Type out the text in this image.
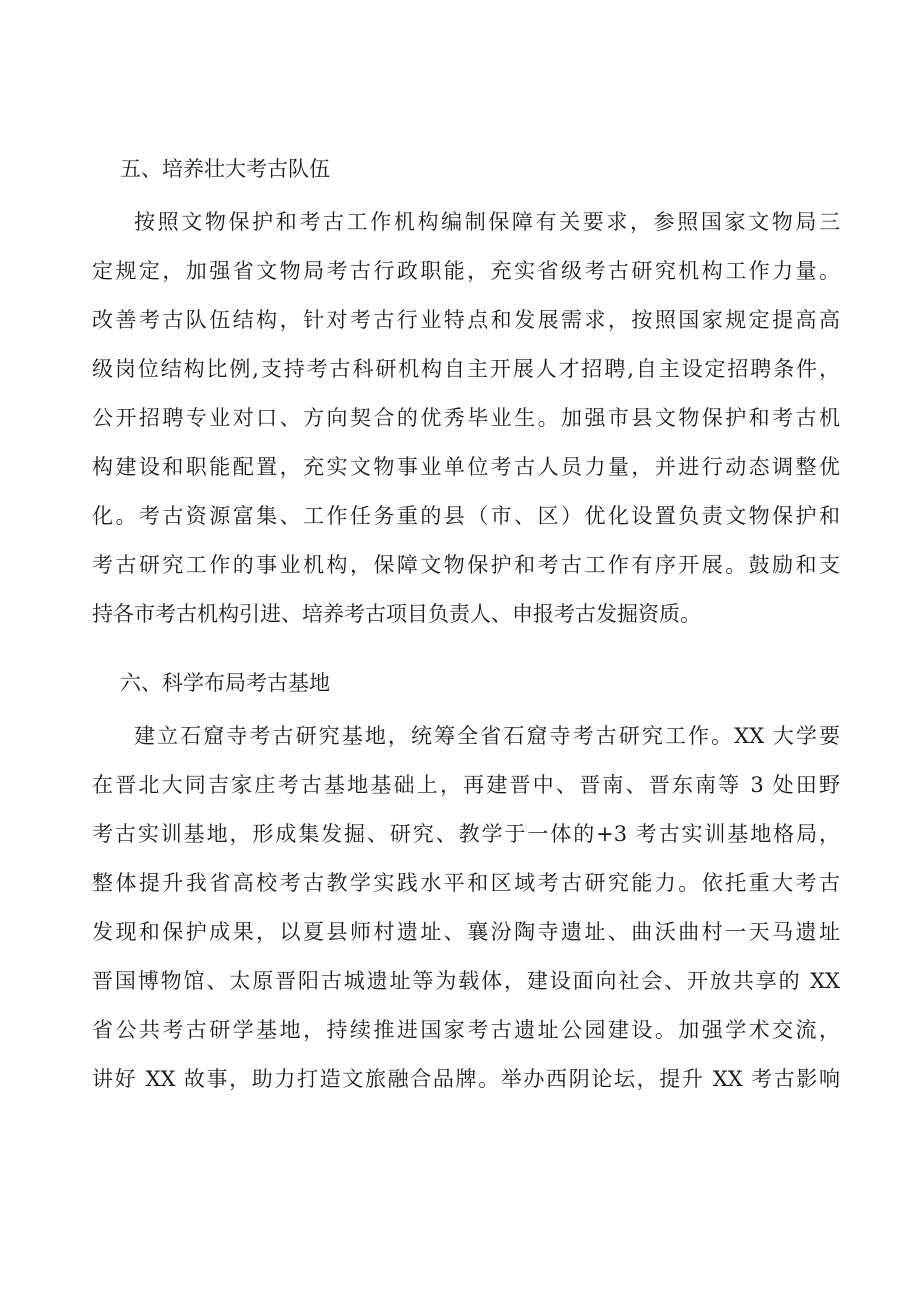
五、培养壮大考古队伍
按照文物保护和考古工作机构编制保障有关要求，参照国家文物局三
定规定，加强省文物局考古行政职能，充实省级考古研究机构工作力量。
改善考古队伍结构，针对考古行业特点和发展需求，按照国家规定提高高
级岗位结构比例,支持考古科研机构自主开展人才招聘,自主设定招聘条件，
公开招聘专业对口、方向契合的优秀毕业生。加强市县文物保护和考古机
构建设和职能配置，充实文物事业单位考古人员力量，并进行动态调整优
化。考古资源富集、工作任务重的县（市、区）优化设置负责文物保护和
考古研究工作的事业机构，保障文物保护和考古工作有序开展。鼓励和支
持各市考古机构引进、培养考古项目负责人、申报考古发掘资质。
六、科学布局考古基地
建立石窟寺考古研究基地，统筹全省石窟寺考古研究工作。XX 大学要
在晋北大同吉家庄考古基地基础上，再建晋中、晋南、晋东南等 3 处田野
考古实训基地，形成集发掘、研究、教学于一体的+3 考古实训基地格局，
整体提升我省高校考古教学实践水平和区域考古研究能力。依托重大考古
发现和保护成果，以夏县师村遗址、襄汾陶寺遗址、曲沃曲村一天马遗址
晋国博物馆、太原晋阳古城遗址等为载体，建设面向社会、开放共享的 XX
省公共考古研学基地，持续推进国家考古遗址公园建设。加强学术交流，
讲好 XX 故事，助力打造文旅融合品牌。举办西阴论坛，提升 XX 考古影响
